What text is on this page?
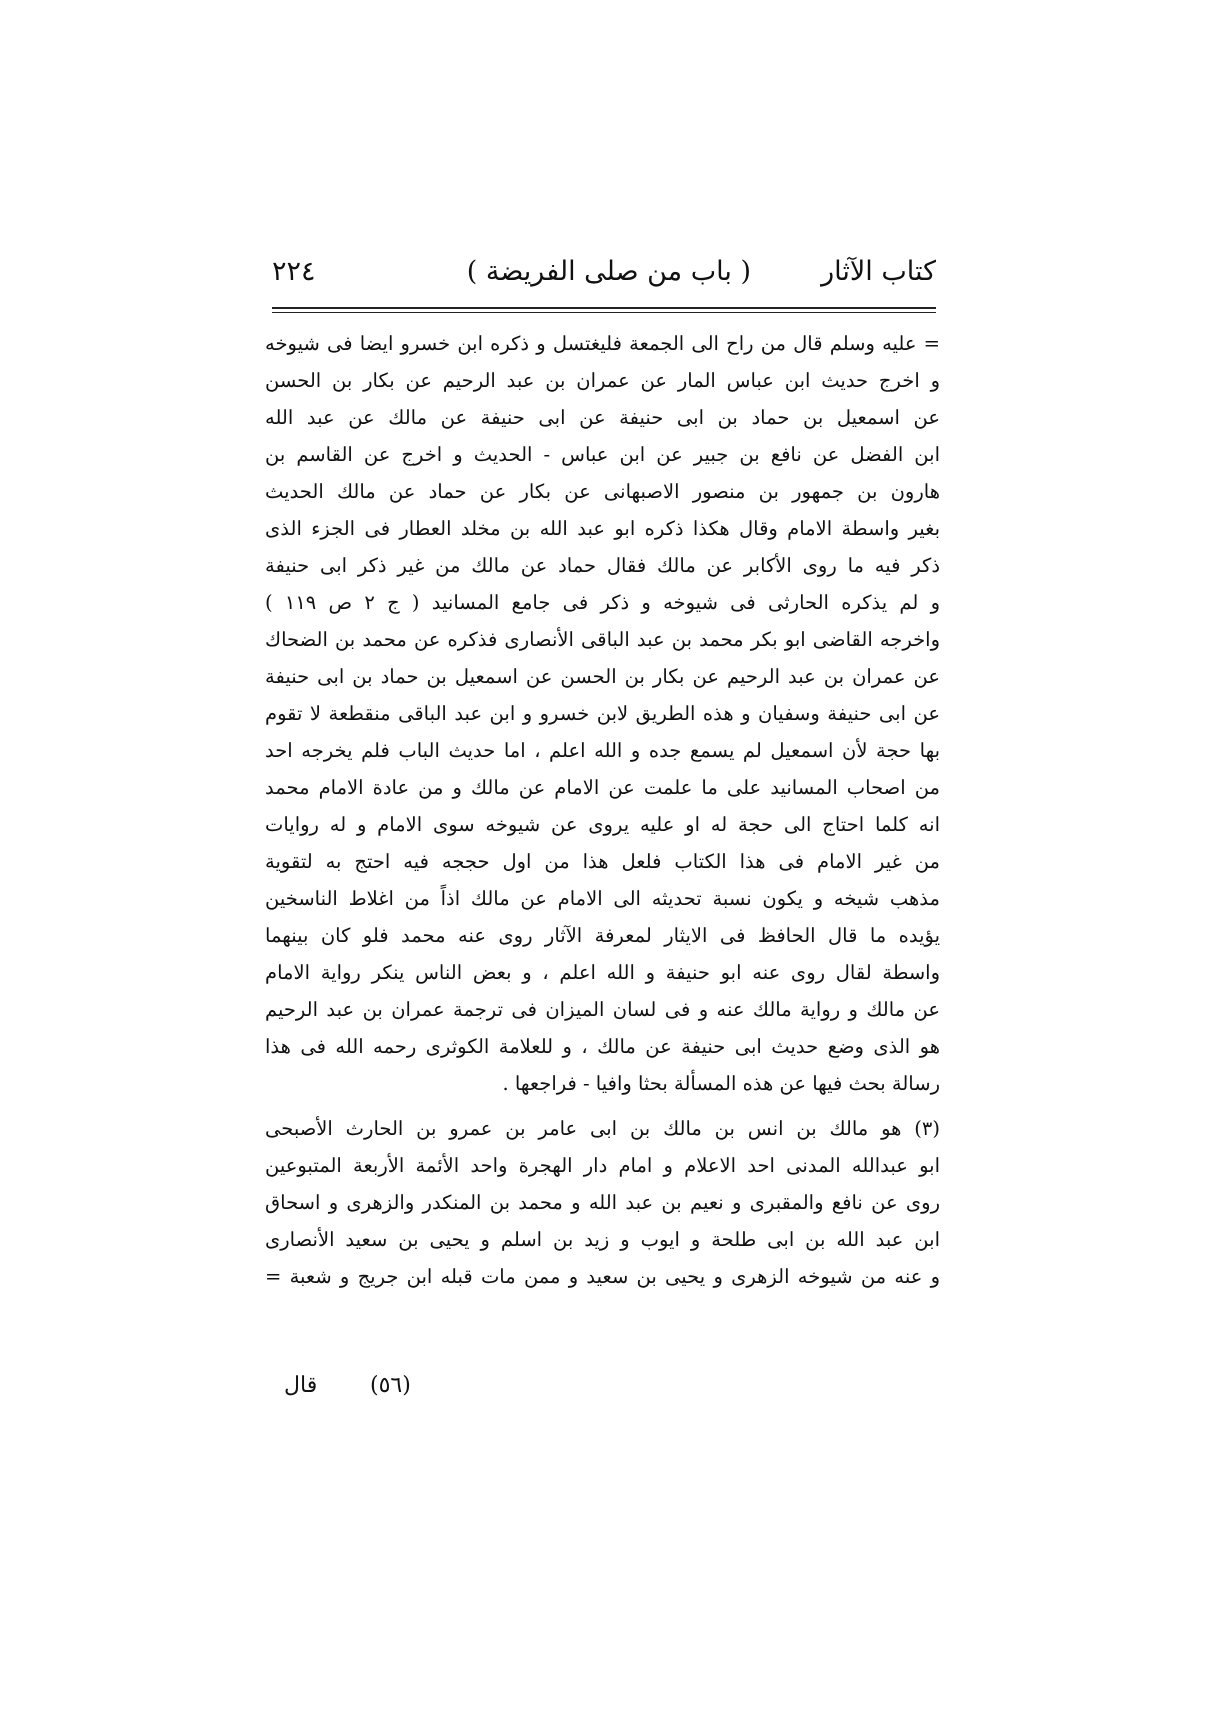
كتاب الآثار
( باب من صلى الفريضة )
٢٢٤
= عليه وسلم قال من راح الى الجمعة فليغتسل و ذكره ابن خسرو ايضا فى شيوخه
و اخرج حديث ابن عباس المار عن عمران بن عبد الرحيم عن بكار بن الحسن
عن اسمعيل بن حماد بن ابى حنيفة عن ابى حنيفة عن مالك عن عبد الله
ابن الفضل عن نافع بن جبير عن ابن عباس - الحديث و اخرج عن القاسم بن
هارون بن جمهور بن منصور الاصبهانى عن بكار عن حماد عن مالك الحديث
بغير واسطة الامام وقال هكذا ذكره ابو عبد الله بن مخلد العطار فى الجزء الذى
ذكر فيه ما روى الأكابر عن مالك فقال حماد عن مالك من غير ذكر ابى حنيفة
و لم يذكره الحارثى فى شيوخه و ذكر فى جامع المسانيد ( ج ٢ ص ١١٩ )
واخرجه القاضى ابو بكر محمد بن عبد الباقى الأنصارى فذكره عن محمد بن الضحاك
عن عمران بن عبد الرحيم عن بكار بن الحسن عن اسمعيل بن حماد بن ابى حنيفة
عن ابى حنيفة وسفيان و هذه الطريق لابن خسرو و ابن عبد الباقى منقطعة لا تقوم
بها حجة لأن اسمعيل لم يسمع جده و الله اعلم ، اما حديث الباب فلم يخرجه احد
من اصحاب المسانيد على ما علمت عن الامام عن مالك و من عادة الامام محمد
انه كلما احتاج الى حجة له او عليه يروى عن شيوخه سوى الامام و له روايات
من غير الامام فى هذا الكتاب فلعل هذا من اول حججه فيه احتج به لتقوية
مذهب شيخه و يكون نسبة تحديثه الى الامام عن مالك اذاً من اغلاط الناسخين
يؤيده ما قال الحافظ فى الايثار لمعرفة الآثار روى عنه محمد فلو كان بينهما
واسطة لقال روى عنه ابو حنيفة و الله اعلم ، و بعض الناس ينكر رواية الامام
عن مالك و رواية مالك عنه و فى لسان الميزان فى ترجمة عمران بن عبد الرحيم
هو الذى وضع حديث ابى حنيفة عن مالك ، و للعلامة الكوثرى رحمه الله فى هذا
رسالة بحث فيها عن هذه المسألة بحثا وافيا - فراجعها .
(٣) هو مالك بن انس بن مالك بن ابى عامر بن عمرو بن الحارث الأصبحى
ابو عبدالله المدنى احد الاعلام و امام دار الهجرة واحد الأئمة الأربعة المتبوعين
روى عن نافع والمقبرى و نعيم بن عبد الله و محمد بن المنكدر والزهرى و اسحاق
ابن عبد الله بن ابى طلحة و ايوب و زيد بن اسلم و يحيى بن سعيد الأنصارى
و عنه من شيوخه الزهرى و يحيى بن سعيد و ممن مات قبله ابن جريج و شعبة =
قال (٥٦)
